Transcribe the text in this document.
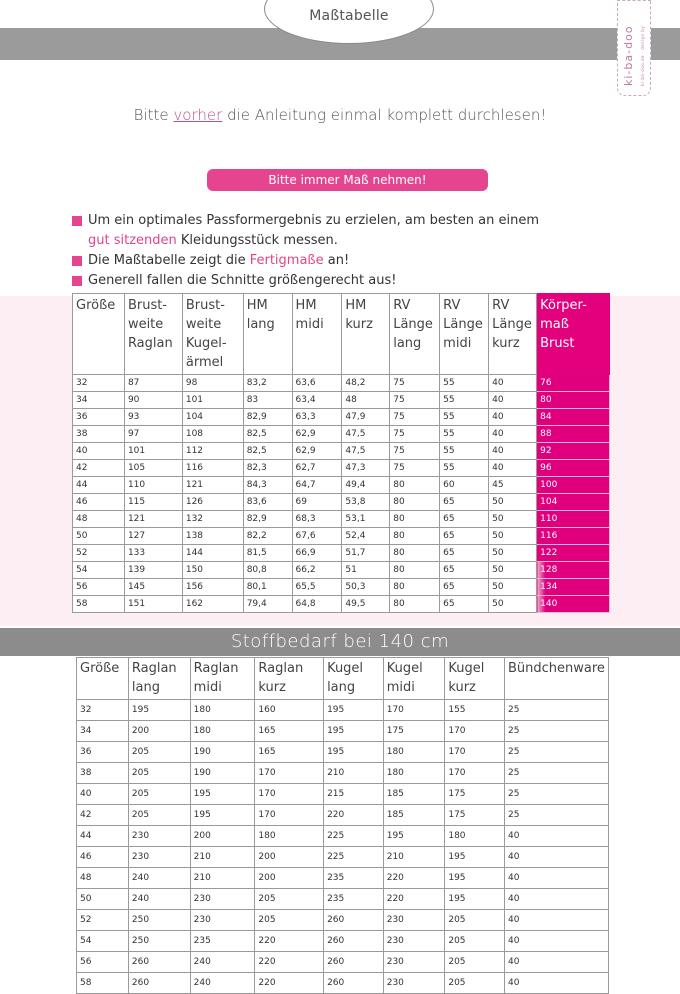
Maßtabelle
ki-ba-doo ki-ba-doo.de · design by
Bitte vorher die Anleitung einmal komplett durchlesen!
Bitte immer Maß nehmen!
Um ein optimales Passformergebnis zu erzielen, am besten an einem
gut sitzenden Kleidungsstück messen.
Die Maßtabelle zeigt die Fertigmaße an!
Generell fallen die Schnitte größengerecht aus!
Größe	Brust-weite Raglan	Brust-weite Kugel-ärmel	HM lang	HM midi	HM kurz	RV Länge lang	RV Länge midi	RV Länge kurz	Körper-maß Brust
32	87	98	83,2	63,6	48,2	75	55	40	76
34	90	101	83	63,4	48	75	55	40	80
36	93	104	82,9	63,3	47,9	75	55	40	84
38	97	108	82,5	62,9	47,5	75	55	40	88
40	101	112	82,5	62,9	47,5	75	55	40	92
42	105	116	82,3	62,7	47,3	75	55	40	96
44	110	121	84,3	64,7	49,4	80	60	45	100
46	115	126	83,6	69	53,8	80	65	50	104
48	121	132	82,9	68,3	53,1	80	65	50	110
50	127	138	82,2	67,6	52,4	80	65	50	116
52	133	144	81,5	66,9	51,7	80	65	50	122
54	139	150	80,8	66,2	51	80	65	50	128
56	145	156	80,1	65,5	50,3	80	65	50	134
58	151	162	79,4	64,8	49,5	80	65	50	140
Stoffbedarf bei 140 cm
Größe	Raglan lang	Raglan midi	Raglan kurz	Kugel lang	Kugel midi	Kugel kurz	Bündchenware
32	195	180	160	195	170	155	25
34	200	180	165	195	175	170	25
36	205	190	165	195	180	170	25
38	205	190	170	210	180	170	25
40	205	195	170	215	185	175	25
42	205	195	170	220	185	175	25
44	230	200	180	225	195	180	40
46	230	210	200	225	210	195	40
48	240	210	200	235	220	195	40
50	240	230	205	235	220	195	40
52	250	230	205	260	230	205	40
54	250	235	220	260	230	205	40
56	260	240	220	260	230	205	40
58	260	240	220	260	230	205	40
